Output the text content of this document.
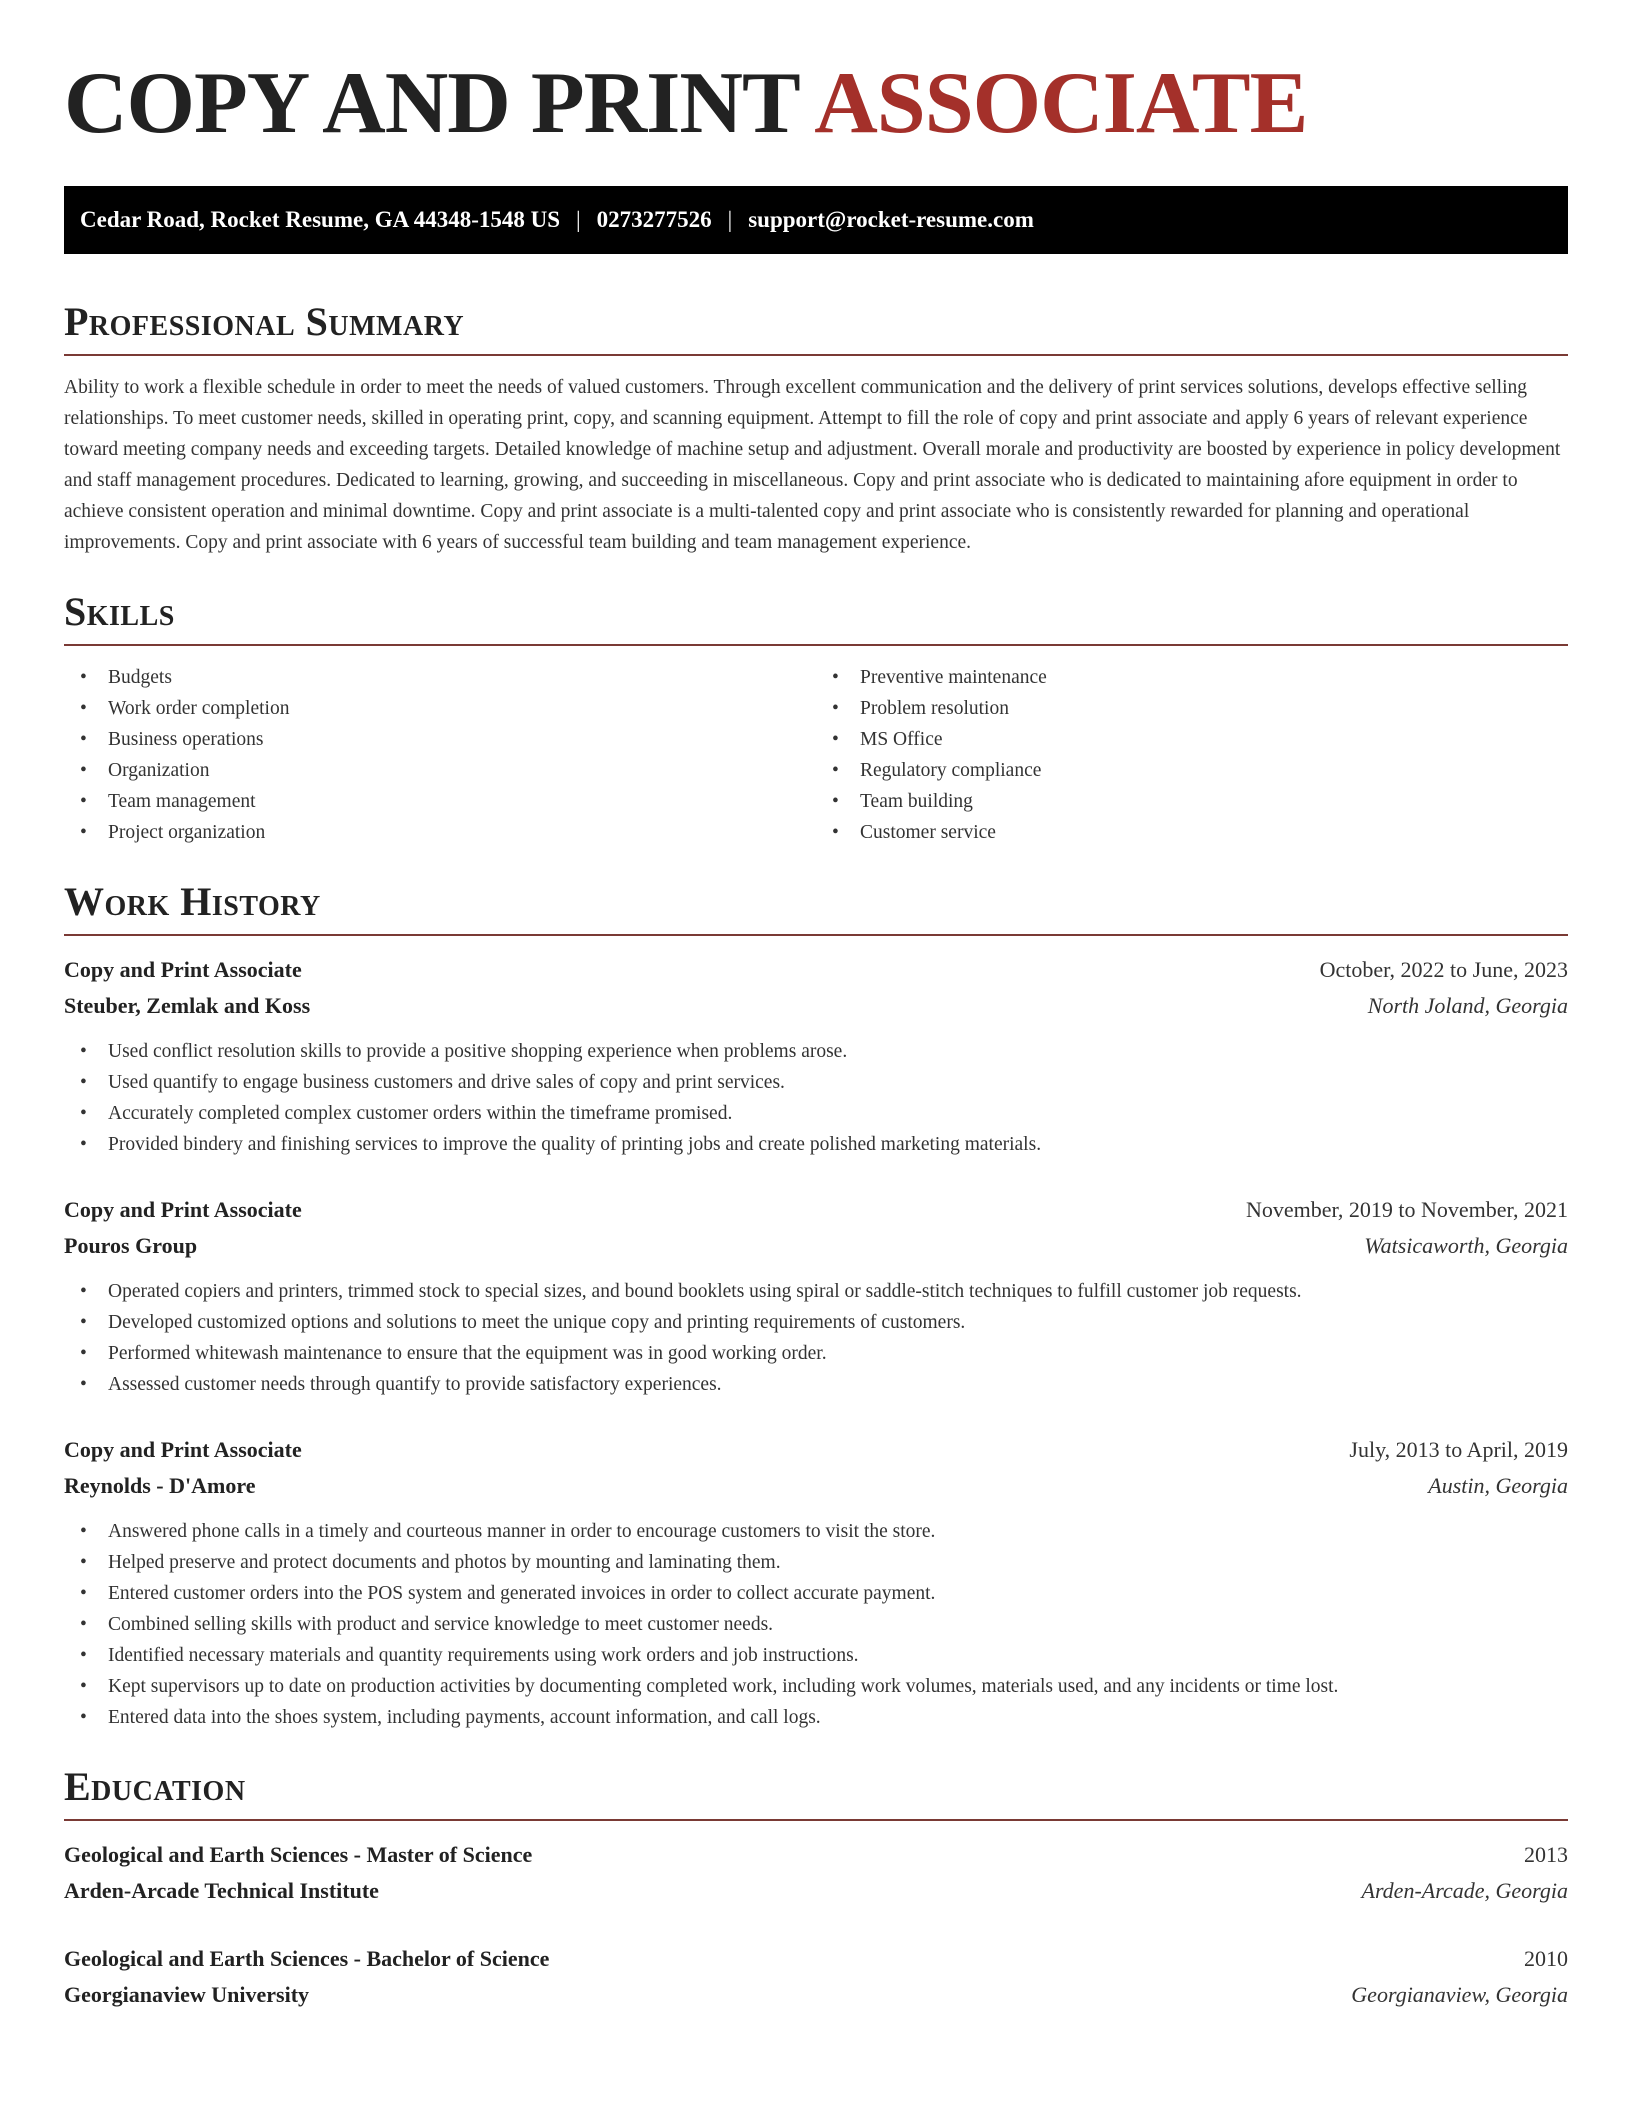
COPY AND PRINT ASSOCIATE
Cedar Road, Rocket Resume, GA 44348-1548 US | 0273277526 | support@rocket-resume.com
Professional Summary

Ability to work a flexible schedule in order to meet the needs of valued customers. Through excellent communication and the delivery of print services solutions, develops effective selling relationships. To meet customer needs, skilled in operating print, copy, and scanning equipment. Attempt to fill the role of copy and print associate and apply 6 years of relevant experience toward meeting company needs and exceeding targets. Detailed knowledge of machine setup and adjustment. Overall morale and productivity are boosted by experience in policy development and staff management procedures. Dedicated to learning, growing, and succeeding in miscellaneous. Copy and print associate who is dedicated to maintaining afore equipment in order to achieve consistent operation and minimal downtime. Copy and print associate is a multi-talented copy and print associate who is consistently rewarded for planning and operational improvements. Copy and print associate with 6 years of successful team building and team management experience.

Skills
• Budgets
• Work order completion
• Business operations
• Organization
• Team management
• Project organization
• Preventive maintenance
• Problem resolution
• MS Office
• Regulatory compliance
• Team building
• Customer service
Work History
Copy and Print Associate	October, 2022 to June, 2023
Steuber, Zemlak and Koss	North Joland, Georgia
• Used conflict resolution skills to provide a positive shopping experience when problems arose.
• Used quantify to engage business customers and drive sales of copy and print services.
• Accurately completed complex customer orders within the timeframe promised.
• Provided bindery and finishing services to improve the quality of printing jobs and create polished marketing materials.
Copy and Print Associate	November, 2019 to November, 2021
Pouros Group	Watsicaworth, Georgia
• Operated copiers and printers, trimmed stock to special sizes, and bound booklets using spiral or saddle-stitch techniques to fulfill customer job requests.
• Developed customized options and solutions to meet the unique copy and printing requirements of customers.
• Performed whitewash maintenance to ensure that the equipment was in good working order.
• Assessed customer needs through quantify to provide satisfactory experiences.
Copy and Print Associate	July, 2013 to April, 2019
Reynolds - D'Amore	Austin, Georgia
• Answered phone calls in a timely and courteous manner in order to encourage customers to visit the store.
• Helped preserve and protect documents and photos by mounting and laminating them.
• Entered customer orders into the POS system and generated invoices in order to collect accurate payment.
• Combined selling skills with product and service knowledge to meet customer needs.
• Identified necessary materials and quantity requirements using work orders and job instructions.
• Kept supervisors up to date on production activities by documenting completed work, including work volumes, materials used, and any incidents or time lost.
• Entered data into the shoes system, including payments, account information, and call logs.
Education
Geological and Earth Sciences - Master of Science	2013
Arden-Arcade Technical Institute	Arden-Arcade, Georgia
Geological and Earth Sciences - Bachelor of Science	2010
Georgianaview University	Georgianaview, Georgia
